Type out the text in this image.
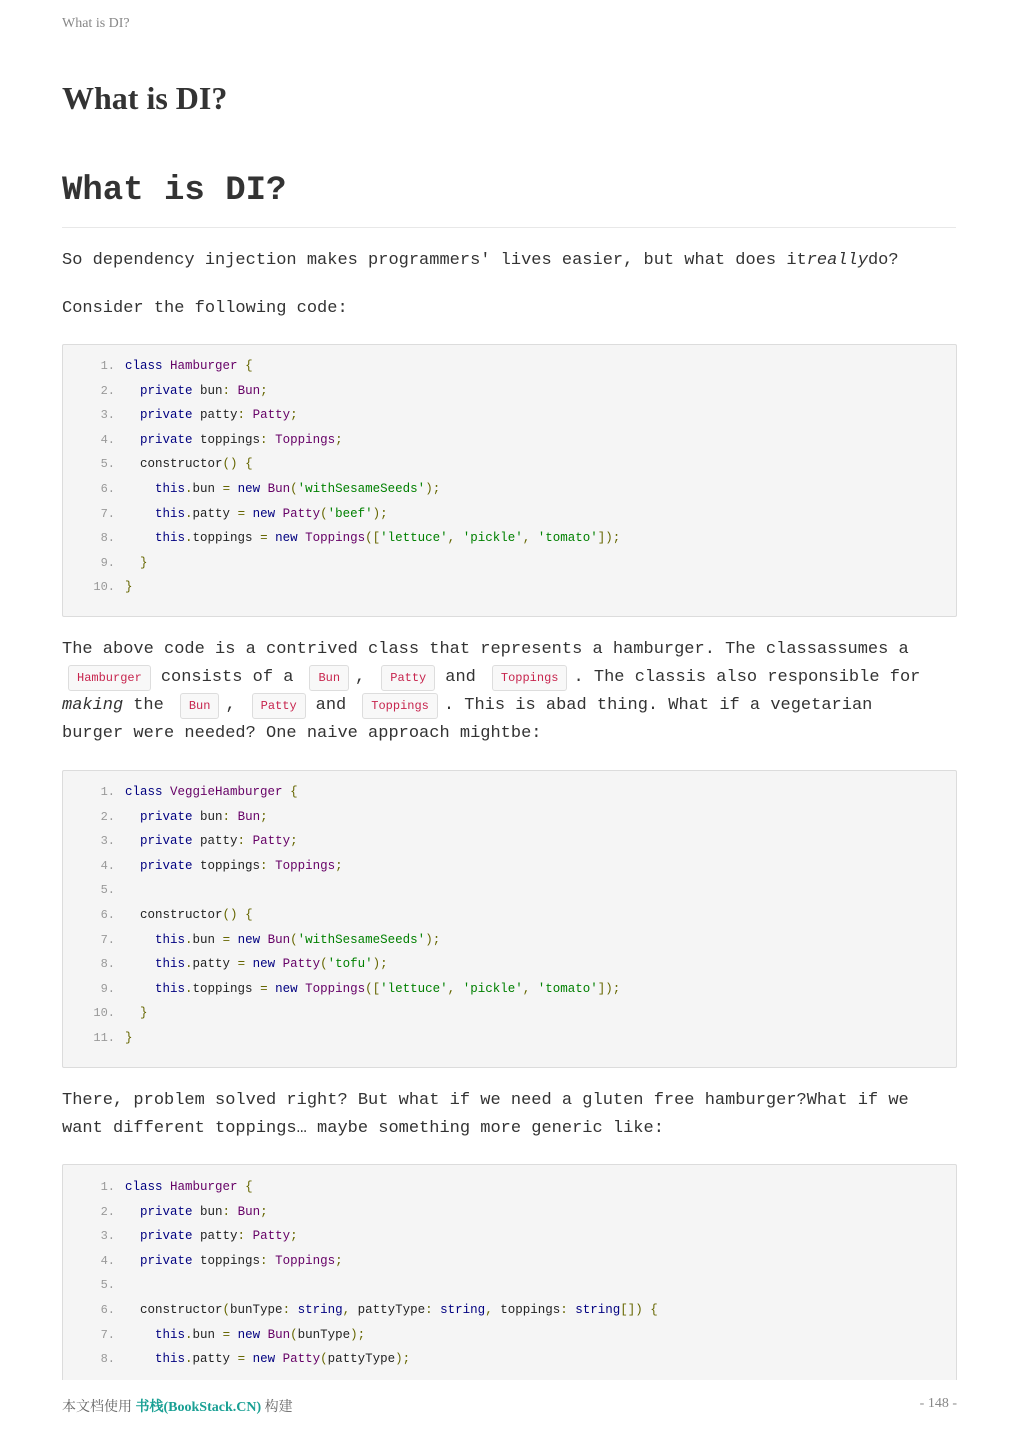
What is DI?
What is DI?
What is DI?
So dependency injection makes programmers' lives easier, but what does it really do?
Consider the following code:
1. class Hamburger {
2.	private bun: Bun;
3.	private patty: Patty;
4.	private toppings: Toppings;
5. constructor() {
6.	this.bun = new Bun('withSesameSeeds');
7.	this.patty = new Patty('beef');
8.	this.toppings = new Toppings(['lettuce', 'pickle', 'tomato']);
9.	}
10. }
The above code is a contrived class that represents a hamburger. The classassumes a
Hamburger	consists of a	Bun ,	Patty	and	Toppings . The classis also responsible for
making the	Bun ,	Patty	and	Toppings . This is abad thing. What if a vegetarian
burger were needed? One naive approach mightbe:
1. class VeggieHamburger {
2.	private bun: Bun;
3.	private patty: Patty;
4.	private toppings: Toppings;
5.
6. constructor() {
7.	this.bun = new Bun('withSesameSeeds');
8.	this.patty = new Patty('tofu');
9.	this.toppings = new Toppings(['lettuce', 'pickle', 'tomato']);
10.	}
11. }
There, problem solved right? But what if we need a gluten free hamburger?What if we
want different toppings… maybe something more generic like:
1. class Hamburger {
2.	private bun: Bun;
3.	private patty: Patty;
4.	private toppings: Toppings;
5.
6. constructor(bunType: string, pattyType: string, toppings: string[]) {
7.	this.bun = new Bun(bunType);
8.	this.patty = new Patty(pattyType);
本文档使用 书栈(BookStack.CN) 构建	- 148 -
